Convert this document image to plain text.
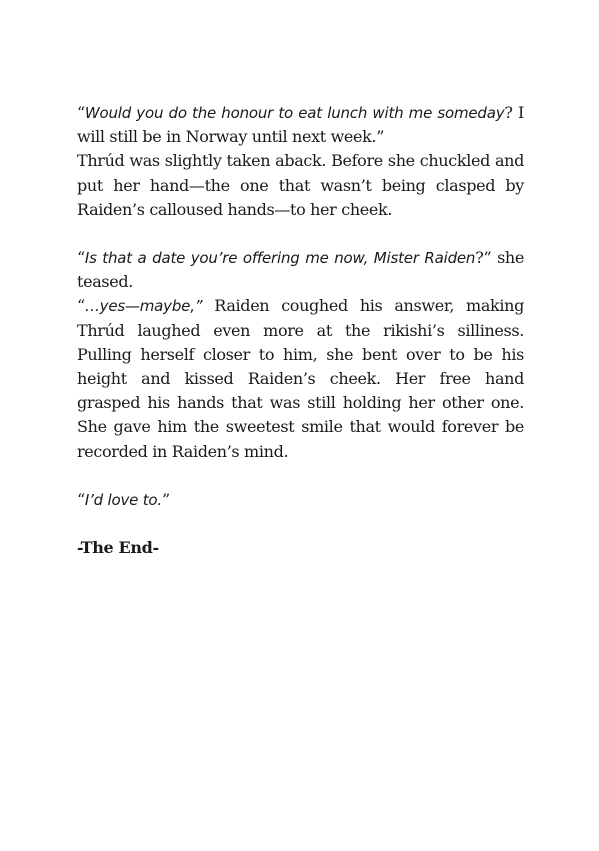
“Would you do the honour to eat lunch with me someday? I will still be in Norway until next week.”

Thrúd was slightly taken aback. Before she chuckled and put her hand—the one that wasn’t being clasped by Raiden’s calloused hands—to her cheek.

“Is that a date you’re offering me now, Mister Raiden?” she teased.

“…yes—maybe,” Raiden coughed his answer, making Thrúd laughed even more at the rikishi’s silliness. Pulling herself closer to him, she bent over to be his height and kissed Raiden’s cheek. Her free hand grasped his hands that was still holding her other one. She gave him the sweetest smile that would forever be recorded in Raiden’s mind.

“I’d love to.”

-The End-
